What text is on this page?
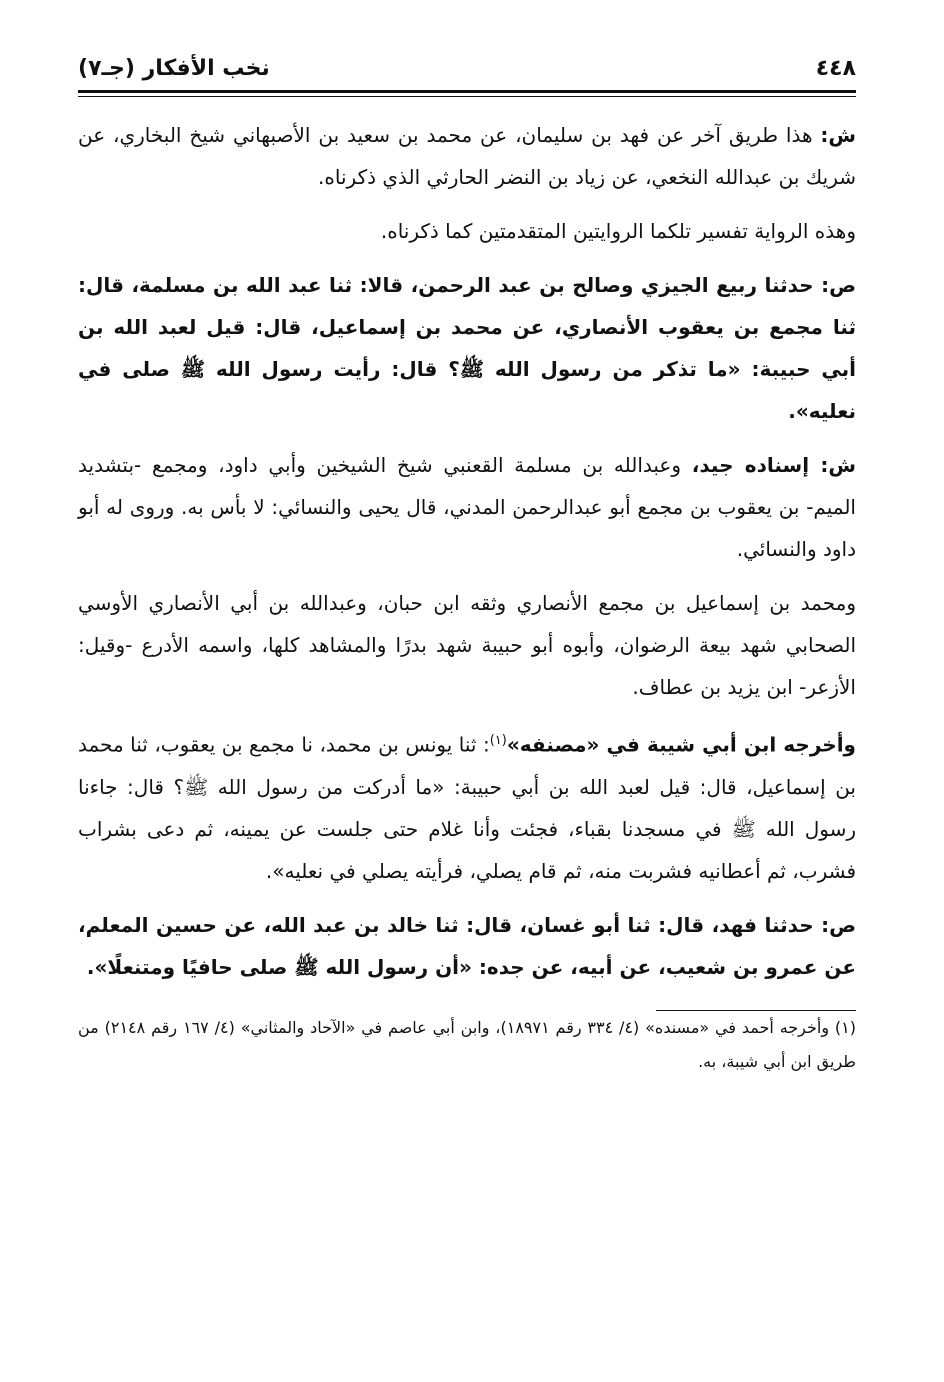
٤٤٨
نخب الأفكار (جـ٧)

ش: هذا طريق آخر عن فهد بن سليمان، عن محمد بن سعيد بن الأصبهاني شيخ البخاري، عن شريك بن عبدالله النخعي، عن زياد بن النضر الحارثي الذي ذكرناه.

وهذه الرواية تفسير تلكما الروايتين المتقدمتين كما ذكرناه.

ص: حدثنا ربيع الجيزي وصالح بن عبد الرحمن، قالا: ثنا عبد الله بن مسلمة، قال: ثنا مجمع بن يعقوب الأنصاري، عن محمد بن إسماعيل، قال: قيل لعبد الله بن أبي حبيبة: «ما تذكر من رسول الله ﷺ؟ قال: رأيت رسول الله ﷺ صلى في نعليه».

ش: إسناده جيد، وعبدالله بن مسلمة القعنبي شيخ الشيخين وأبي داود، ومجمع -بتشديد الميم- بن يعقوب بن مجمع أبو عبدالرحمن المدني، قال يحيى والنسائي: لا بأس به. وروى له أبو داود والنسائي.

ومحمد بن إسماعيل بن مجمع الأنصاري وثقه ابن حبان، وعبدالله بن أبي الأنصاري الأوسي الصحابي شهد بيعة الرضوان، وأبوه أبو حبيبة شهد بدرًا والمشاهد كلها، واسمه الأدرع -وقيل: الأزعر- ابن يزيد بن عطاف.

وأخرجه ابن أبي شيبة في «مصنفه»$^{(١)}$: ثنا يونس بن محمد، نا مجمع بن يعقوب، ثنا محمد بن إسماعيل، قال: قيل لعبد الله بن أبي حبيبة: «ما أدركت من رسول الله ﷺ؟ قال: جاءنا رسول الله ﷺ في مسجدنا بقباء، فجئت وأنا غلام حتى جلست عن يمينه، ثم دعى بشراب فشرب، ثم أعطانيه فشربت منه، ثم قام يصلي، فرأيته يصلي في نعليه».

ص: حدثنا فهد، قال: ثنا أبو غسان، قال: ثنا خالد بن عبد الله، عن حسين المعلم، عن عمرو بن شعيب، عن أبيه، عن جده: «أن رسول الله ﷺ صلى حافيًا ومتنعلًا».

(١) وأخرجه أحمد في «مسنده» (٤/ ٣٣٤ رقم ١٨٩٧١)، وابن أبي عاصم في «الآحاد والمثاني» (٤/ ١٦٧ رقم ٢١٤٨) من طريق ابن أبي شيبة، به.
